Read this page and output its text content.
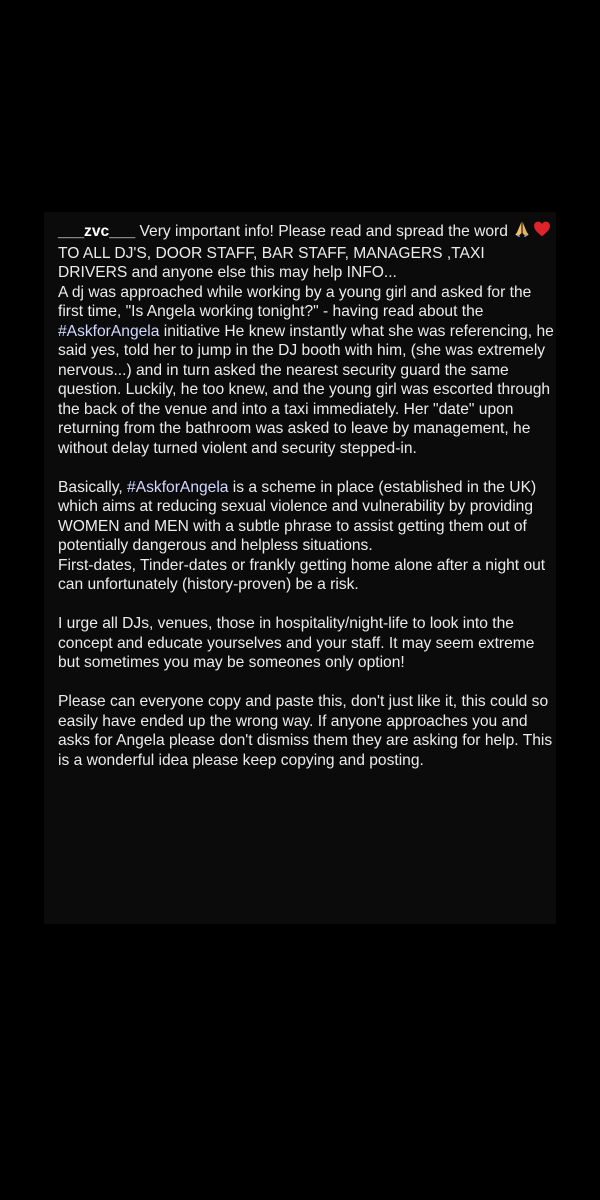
___zvc___ Very important info! Please read and spread the word  TO ALL DJ'S, DOOR STAFF, BAR STAFF, MANAGERS ,TAXI DRIVERS and anyone else this may help INFO...

A dj was approached while working by a young girl and asked for the first time, "Is Angela working tonight?" - having read about the #AskforAngela initiative He knew instantly what she was referencing, he said yes, told her to jump in the DJ booth with him, (she was extremely nervous...) and in turn asked the nearest security guard the same question. Luckily, he too knew, and the young girl was escorted through the back of the venue and into a taxi immediately. Her "date" upon returning from the bathroom was asked to leave by management, he without delay turned violent and security stepped-in.

Basically, #AskforAngela is a scheme in place (established in the UK) which aims at reducing sexual violence and vulnerability by providing WOMEN and MEN with a subtle phrase to assist getting them out of potentially dangerous and helpless situations.

First-dates, Tinder-dates or frankly getting home alone after a night out can unfortunately (history-proven) be a risk.

I urge all DJs, venues, those in hospitality/night-life to look into the concept and educate yourselves and your staff. It may seem extreme but sometimes you may be someones only option!

Please can everyone copy and paste this, don't just like it, this could so easily have ended up the wrong way. If anyone approaches you and asks for Angela please don't dismiss them they are asking for help. This is a wonderful idea please keep copying and posting.
